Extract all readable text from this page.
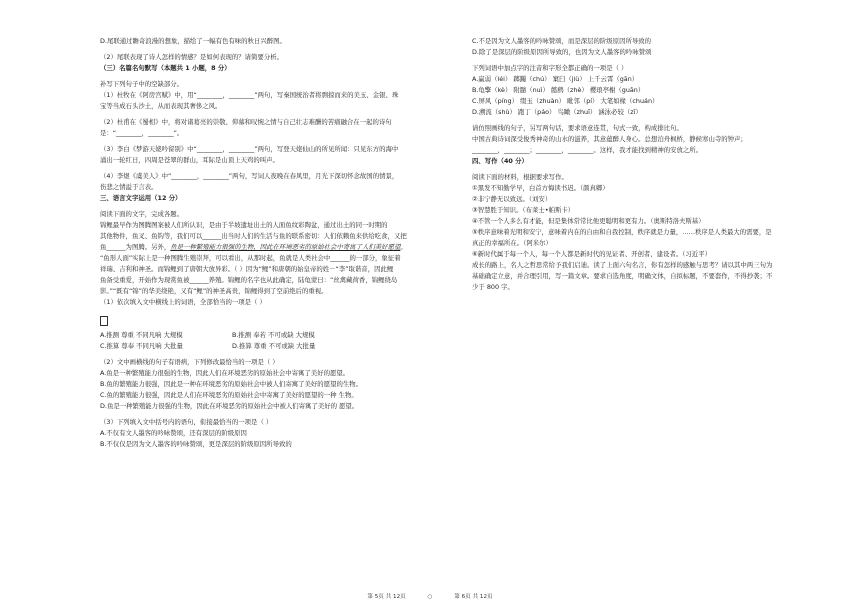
D.尾联通过瞻奇浪漫的想象，描绘了一幅有色有味的秋日兴醉图。
（2）尾联表现了诗人怎样的情感？是如何表现的？请简要分析。
（三）名篇名句默写（本题共 1 小题，8 分）
补写下列句子中的空缺部分。
（1）杜牧在《阿房宫赋》中，用“________，________”两句，写秦国统治者将剽掠而来的美玉、金银、珠
宝等当成石头沙土，从而表现其奢侈之风。
（2）杜甫在《蜀相》中，将对诸葛亮的崇敬、仰慕和叹惋之情与自己壮志难酬的苦痛融合在一起的诗句
是：“________，________”。
（3）李白《梦游天姥吟留别》中“________，________”两句，写登天姥仙山的所见所闻：只见东方的海中
涌出一轮红日，四周是苍翠的群山，耳际是山顶上天鸡的叫声。
（4）李煜《虞美人》中“________，________”两句，写词人夜晚在春风里，月光下深切怀念故国的情景，
伤悲之情溢于言表。
三、语言文字运用（12 分）
阅读下面的文字，完成各题。
锦鲤最早作为图腾图案被人们所认识，是由于半坡遗址出土的人面鱼纹彩陶盆，通过出土的同一时期的
其他物件，鱼叉、鱼钩等，我们可以______出当时人们的生活与鱼的联系密切：人们依赖鱼来供给吃食，又把
鱼______为图腾。另外，鱼是一种繁殖能力很强的生物，因此在环境恶劣的原始社会中寄寓了人们美好愿望。
“鱼形人面”实际上是一种图腾生殖崇拜，可以看出，从那时起，鱼就是人类社会中______的一部分，象征着
祥瑞、吉利和神圣。而锦鲤到了唐朝大放异彩。（ ）因为“鲤”和唐朝的始皇帝的姓－“李”取谐音，因此鲤
鱼备受重爱，开始作为现赏鱼被______养殖。锦鲤的名字也从此确定，陆龟蒙曰：“丝禽藏荷香，锦鲤绕岛
影。”“既有“锦”的华美绕艳，又有“鲤”的神圣高贵，锦鲤得到了空前绝后的重视。
（1）依次填入文中横线上的词语，全部恰当的一项是（ ）
A.推测 尊重 不同凡响 大规模	B.推测 奉若 不可或缺 大规模
C.推算 尊奉 不同凡响 大批量	D.推算 尊重 不可或缺 大批量
（2）文中画横线的句子有语病，下列修改最恰当的一项是（ ）
A.鱼是一种繁殖能力很强的生物，因此人们在环境恶劣的原始社会中寄寓了美好的愿望。
B.鱼的繁殖能力很强，因此是一种在环境恶劣的原始社会中被人们寄寓了美好的愿望的生物。
C.鱼的繁殖能力很强，因此是人们在环境恶劣的原始社会中寄寓了美好的愿望的一种 生物。
D.鱼是一种繁殖能力很强的生物，因此在环境恶劣的原始社会中被人们寄寓了美好的 愿望。
（3）下列填入文中括号内的语句，衔接最恰当的一项是（ ）
A.不仅有文人墨客的吟咏赞颂，还有深层的阶级原因
B.不仅仅是因为文人墨客的吟咏赞颂，更是深层的阶级原因所导致的
C.不是因为文人墨客的吟咏赞颂，而是深层的阶级原因所导致的
D.除了是深层的阶级原因所导致的，也因为文人墨客的吟咏赞颂
下列词语中加点字的注音和字形全都正确的一项是（ ）
A.赢弱（léi） 踯躅（chú） 窠臼（jiù） 上千云霄（gān）
B.龟擎（kè） 附髓（nuì） 懿鹧（zhè） 樱琅亭榭（guān）
C.屏风（píng） 缀玉（zhuàn） 毗邻（pí） 大笔如椽（chuán）
D.溯流（shù） 跑丁（páo） 鸟瞰（zhuī） 涵泳必较（zī）
请仿照画线的句子，另写两句话，要求语意连贯，句式一致，构成排比句。
中国古典诗词深受俊秀神奇的山水的滋养，其意蕴醉人身心。总想泊舟枫桥，静候寒山寺的钟声；
________，________；________，________。这样，我才能找到精神的安放之所。
四、写作（40 分）
阅读下面的材料，根据要求写作。
①黑发不知勤学早，白首方悔读书迟。（颜真卿）
②非宁静无以致远。（刘安）
③智慧胜于知识。（布莱士•帕斯卡）
④不管一个人多么有才能，但是集体常常比他更聪明和更有力。（奥斯特洛夫斯基）
⑤秩序意味着光明和安宁，意味着内在的自由和自我控制，秩序就是力量，……秩序是人类最大的需要，是
真正的幸福所在。（阿米尔）
⑥新时代属于每一个人，每一个人都是新时代的见证者、开创者、建设者。（习近平）
成长的路上，名人之哲思常给予我们启迪。读了上面六句名言，你有怎样的感触与思考？请以其中两三句为
基础确定立意，并合理引用，写一篇文章。要求自选角度，明确文体，自拟标题，不要套作，不得抄袭；不
少于 800 字。
第 5页 共 12页	○	第 6页 共 12页
